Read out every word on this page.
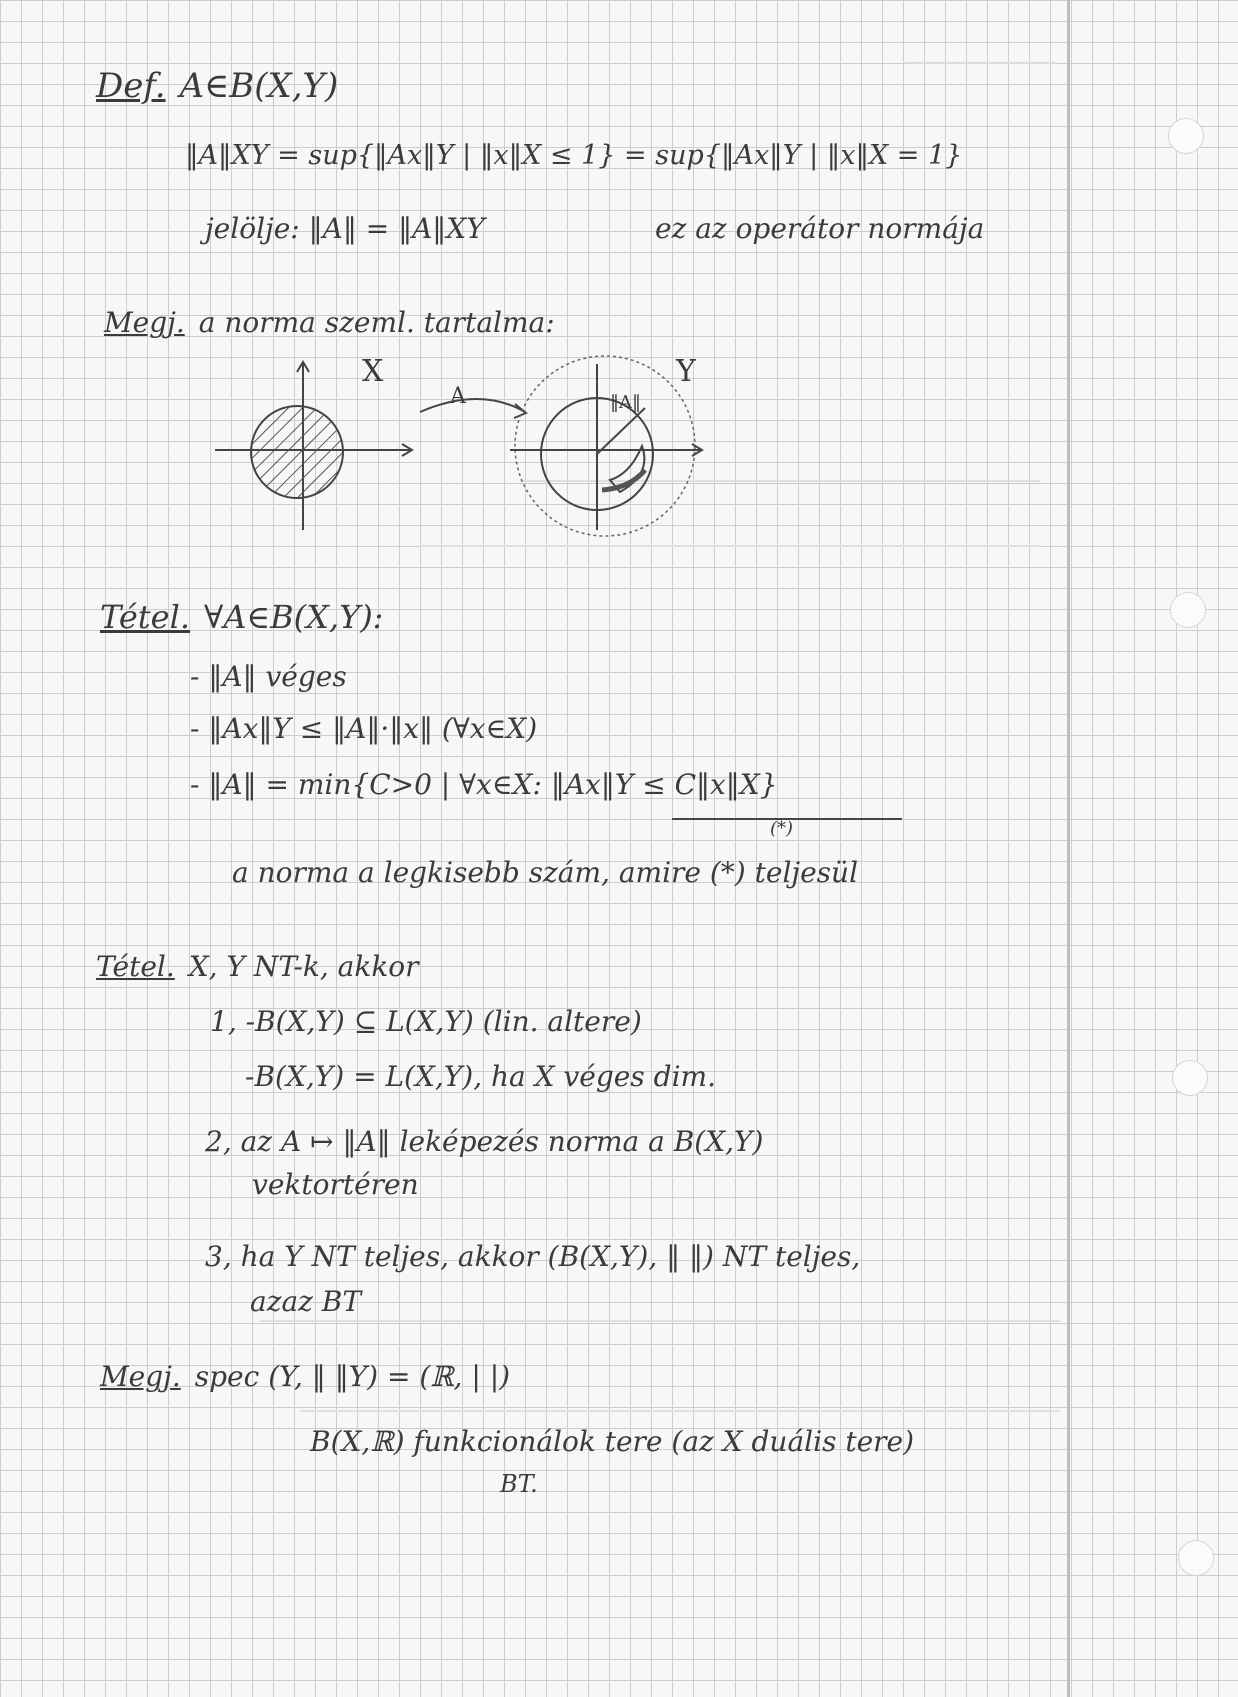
Def. A∈B(X,Y)
‖A‖XY = sup{‖Ax‖Y | ‖x‖X ≤ 1} = sup{‖Ax‖Y | ‖x‖X = 1}
jelölje: ‖A‖ = ‖A‖XY	ez az operátor normája
Megj. a norma szeml. tartalma:
X
A
Y
‖A‖
Tétel. ∀A∈B(X,Y):
- ‖A‖ véges
- ‖Ax‖Y ≤ ‖A‖·‖x‖ (∀x∈X)
- ‖A‖ = min{C>0 | ∀x∈X: ‖Ax‖Y ≤ C‖x‖X}
(*)
a norma a legkisebb szám, amire (*) teljesül
Tétel. X, Y NT-k, akkor
1, -B(X,Y) ⊆ L(X,Y) (lin. altere)
-B(X,Y) = L(X,Y), ha X véges dim.
2, az A ↦ ‖A‖ leképezés norma a B(X,Y)
vektortéren
3, ha Y NT teljes, akkor (B(X,Y), ‖ ‖) NT teljes,
azaz BT
Megj. spec (Y, ‖ ‖Y) = (ℝ, | |)
B(X,ℝ) funkcionálok tere (az X duális tere)
BT.
